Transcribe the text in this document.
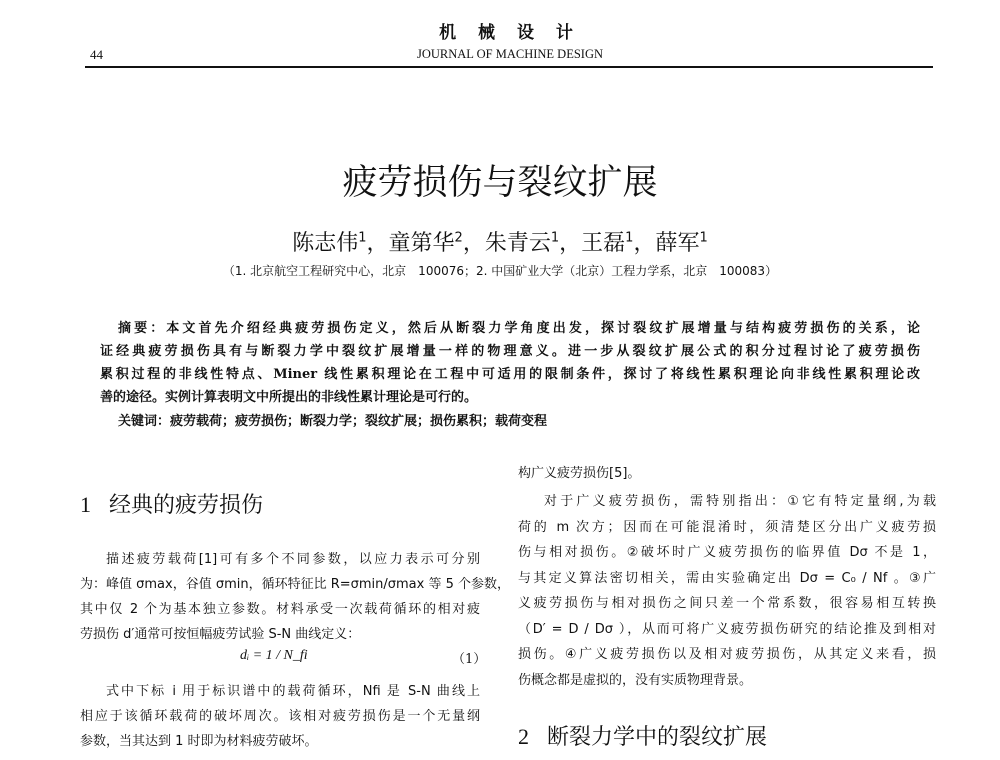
机 械 设 计
44	JOURNAL OF MACHINE DESIGN
疲劳损伤与裂纹扩展
陈志伟$^1$，童第华$^2$，朱青云$^1$，王磊$^1$，薛军$^1$
（1. 北京航空工程研究中心，北京　100076；2. 中国矿业大学（北京）工程力学系，北京　100083）
摘要：本文首先介绍经典疲劳损伤定义，然后从断裂力学角度出发，探讨裂纹扩展增量与结构疲劳损伤的关系，论
证经典疲劳损伤具有与断裂力学中裂纹扩展增量一样的物理意义。进一步从裂纹扩展公式的积分过程讨论了疲劳损伤
累积过程的非线性特点、Miner 线性累积理论在工程中可适用的限制条件，探讨了将线性累积理论向非线性累积理论改
善的途径。实例计算表明文中所提出的非线性累计理论是可行的。
关键词：疲劳载荷；疲劳损伤；断裂力学；裂纹扩展；损伤累积；载荷变程
1 经典的疲劳损伤
描述疲劳载荷[1]可有多个不同参数，以应力表示可分别
为：峰值 σmax，谷值 σmin，循环特征比 R=σmin/σmax 等 5 个参数，
其中仅 2 个为基本独立参数。材料承受一次载荷循环的相对疲
劳损伤 d′通常可按恒幅疲劳试验 S-N 曲线定义：
式中下标 i 用于标识谱中的载荷循环，Nfi 是 S-N 曲线上
相应于该循环载荷的破坏周次。该相对疲劳损伤是一个无量纲
参数，当其达到 1 时即为材料疲劳破坏。
dᵢ = 1 / N_fi	（1）
构广义疲劳损伤[5]。
对于广义疲劳损伤，需特别指出：①它有特定量纲,为载
荷的 m 次方；因而在可能混淆时，须清楚区分出广义疲劳损
伤与相对损伤。②破坏时广义疲劳损伤的临界值 Dσ 不是 1，
与其定义算法密切相关，需由实验确定出 Dσ = C₀ / Nf 。③广
义疲劳损伤与相对损伤之间只差一个常系数，很容易相互转换
（D′ = D / Dσ ），从而可将广义疲劳损伤研究的结论推及到相对
损伤。④广义疲劳损伤以及相对疲劳损伤，从其定义来看，损
伤概念都是虚拟的，没有实质物理背景。
2 断裂力学中的裂纹扩展
